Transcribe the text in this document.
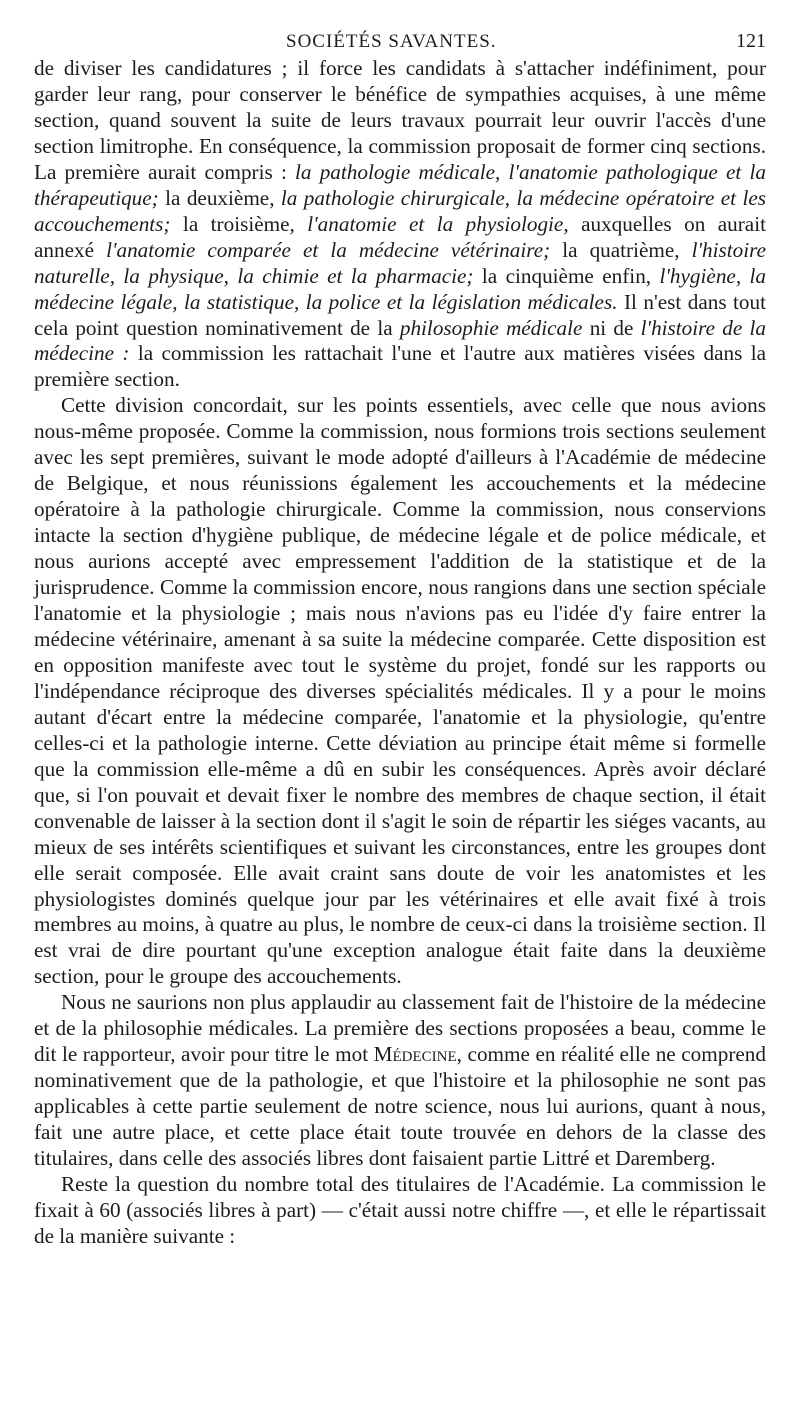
SOCIÉTÉS SAVANTES.	121

de diviser les candidatures ; il force les candidats à s'attacher indéfiniment, pour garder leur rang, pour conserver le bénéfice de sympathies acquises, à une même section, quand souvent la suite de leurs travaux pourrait leur ouvrir l'accès d'une section limitrophe. En conséquence, la commission proposait de former cinq sections. La première aurait compris : la pathologie médicale, l'anatomie pathologique et la thérapeutique; la deuxième, la pathologie chirurgicale, la médecine opératoire et les accouchements; la troisième, l'anatomie et la physiologie, auxquelles on aurait annexé l'anatomie comparée et la médecine vétérinaire; la quatrième, l'histoire naturelle, la physique, la chimie et la pharmacie; la cinquième enfin, l'hygiène, la médecine légale, la statistique, la police et la législation médicales. Il n'est dans tout cela point question nominativement de la philosophie médicale ni de l'histoire de la médecine : la commission les rattachait l'une et l'autre aux matières visées dans la première section.

Cette division concordait, sur les points essentiels, avec celle que nous avions nous-même proposée. Comme la commission, nous formions trois sections seulement avec les sept premières, suivant le mode adopté d'ailleurs à l'Académie de médecine de Belgique, et nous réunissions également les accouchements et la médecine opératoire à la pathologie chirurgicale. Comme la commission, nous conservions intacte la section d'hygiène publique, de médecine légale et de police médicale, et nous aurions accepté avec empressement l'addition de la statistique et de la jurisprudence. Comme la commission encore, nous rangions dans une section spéciale l'anatomie et la physiologie ; mais nous n'avions pas eu l'idée d'y faire entrer la médecine vétérinaire, amenant à sa suite la médecine comparée. Cette disposition est en opposition manifeste avec tout le système du projet, fondé sur les rapports ou l'indépendance réciproque des diverses spécialités médicales. Il y a pour le moins autant d'écart entre la médecine comparée, l'anatomie et la physiologie, qu'entre celles-ci et la pathologie interne. Cette déviation au principe était même si formelle que la commission elle-même a dû en subir les conséquences. Après avoir déclaré que, si l'on pouvait et devait fixer le nombre des membres de chaque section, il était convenable de laisser à la section dont il s'agit le soin de répartir les siéges vacants, au mieux de ses intérêts scientifiques et suivant les circonstances, entre les groupes dont elle serait composée. Elle avait craint sans doute de voir les anatomistes et les physiologistes dominés quelque jour par les vétérinaires et elle avait fixé à trois membres au moins, à quatre au plus, le nombre de ceux-ci dans la troisième section. Il est vrai de dire pourtant qu'une exception analogue était faite dans la deuxième section, pour le groupe des accouchements.

Nous ne saurions non plus applaudir au classement fait de l'histoire de la médecine et de la philosophie médicales. La première des sections proposées a beau, comme le dit le rapporteur, avoir pour titre le mot Médecine, comme en réalité elle ne comprend nominativement que de la pathologie, et que l'histoire et la philosophie ne sont pas applicables à cette partie seulement de notre science, nous lui aurions, quant à nous, fait une autre place, et cette place était toute trouvée en dehors de la classe des titulaires, dans celle des associés libres dont faisaient partie Littré et Daremberg.

Reste la question du nombre total des titulaires de l'Académie. La commission le fixait à 60 (associés libres à part) — c'était aussi notre chiffre —, et elle le répartissait de la manière suivante :
